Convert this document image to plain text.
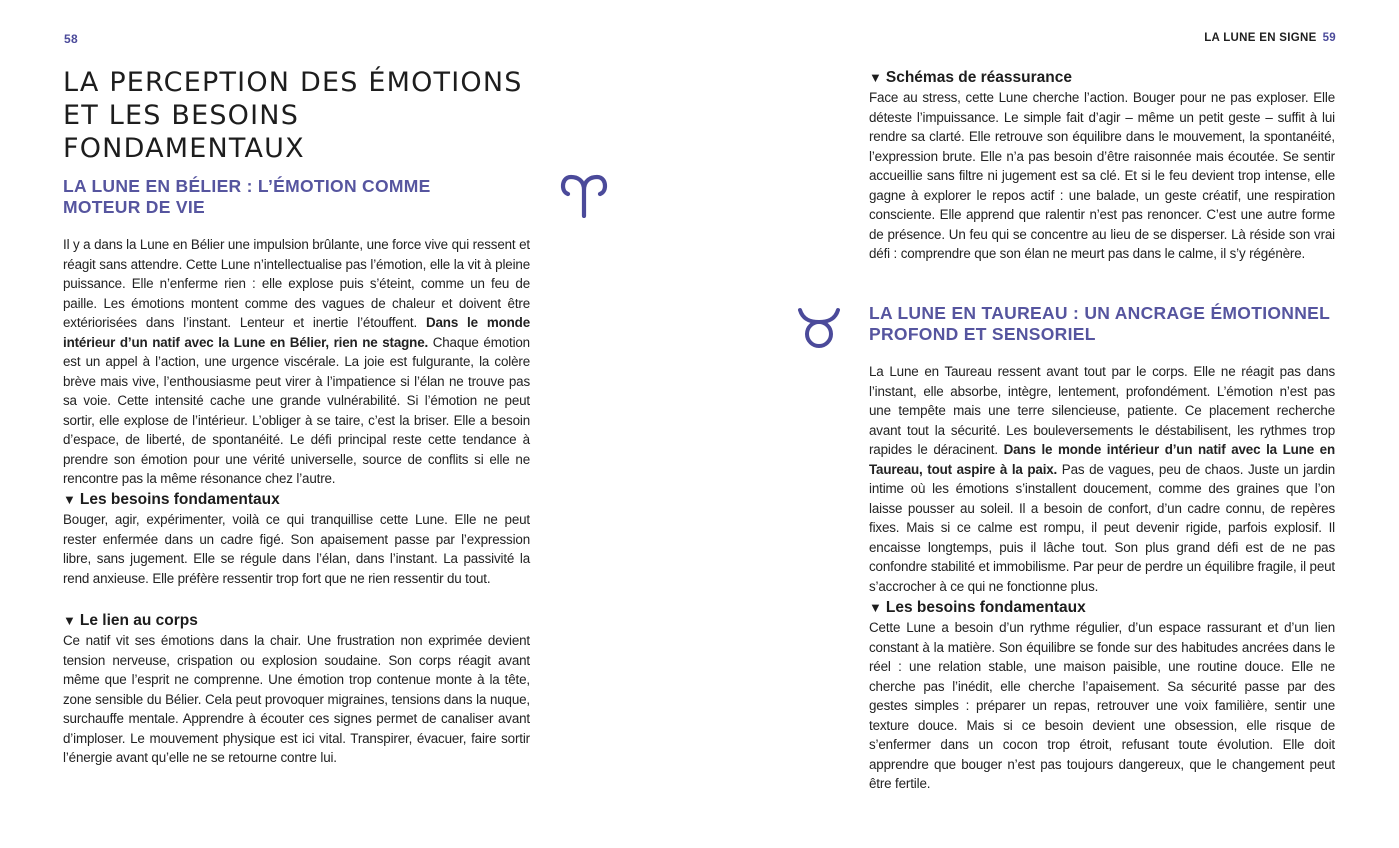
58
LA PERCEPTION DES ÉMOTIONS
ET LES BESOINS FONDAMENTAUX
LA LUNE EN BÉLIER : L’ÉMOTION COMME
MOTEUR DE VIE

Il y a dans la Lune en Bélier une impulsion brûlante, une force vive qui ressent et réagit sans attendre. Cette Lune n’intellectualise pas l’émotion, elle la vit à pleine puissance. Elle n’enferme rien : elle explose puis s’éteint, comme un feu de paille. Les émotions montent comme des vagues de chaleur et doivent être extériorisées dans l’instant. Lenteur et inertie l’étouffent. Dans le monde intérieur d’un natif avec la Lune en Bélier, rien ne stagne. Chaque émotion est un appel à l’action, une urgence viscérale. La joie est fulgurante, la colère brève mais vive, l’enthousiasme peut virer à l’impatience si l’élan ne trouve pas sa voie. Cette intensité cache une grande vulnérabilité. Si l’émotion ne peut sortir, elle explose de l’intérieur. L’obliger à se taire, c’est la briser. Elle a besoin d’espace, de liberté, de spontanéité. Le défi principal reste cette tendance à prendre son émotion pour une vérité universelle, source de conflits si elle ne rencontre pas la même résonance chez l’autre.

▼ Les besoins fondamentaux

Bouger, agir, expérimenter, voilà ce qui tranquillise cette Lune. Elle ne peut rester enfermée dans un cadre figé. Son apaisement passe par l’expression libre, sans jugement. Elle se régule dans l’élan, dans l’instant. La passivité la rend anxieuse. Elle préfère ressentir trop fort que ne rien ressentir du tout.

▼ Le lien au corps

Ce natif vit ses émotions dans la chair. Une frustration non exprimée devient tension nerveuse, crispation ou explosion soudaine. Son corps réagit avant même que l’esprit ne comprenne. Une émotion trop contenue monte à la tête, zone sensible du Bélier. Cela peut provoquer migraines, tensions dans la nuque, surchauffe mentale. Apprendre à écouter ces signes permet de canaliser avant d’imploser. Le mouvement physique est ici vital. Transpirer, évacuer, faire sortir l’énergie avant qu’elle ne se retourne contre lui.

LA LUNE EN SIGNE 59

▼ Schémas de réassurance

Face au stress, cette Lune cherche l’action. Bouger pour ne pas exploser. Elle déteste l’impuissance. Le simple fait d’agir – même un petit geste – suffit à lui rendre sa clarté. Elle retrouve son équilibre dans le mouvement, la spontanéité, l’expression brute. Elle n’a pas besoin d’être raisonnée mais écoutée. Se sentir accueillie sans filtre ni jugement est sa clé. Et si le feu devient trop intense, elle gagne à explorer le repos actif : une balade, un geste créatif, une respiration consciente. Elle apprend que ralentir n’est pas renoncer. C’est une autre forme de présence. Un feu qui se concentre au lieu de se disperser. Là réside son vrai défi : comprendre que son élan ne meurt pas dans le calme, il s’y régénère.

LA LUNE EN TAUREAU : UN ANCRAGE ÉMOTIONNEL
PROFOND ET SENSORIEL

La Lune en Taureau ressent avant tout par le corps. Elle ne réagit pas dans l’instant, elle absorbe, intègre, lentement, profondément. L’émotion n’est pas une tempête mais une terre silencieuse, patiente. Ce placement recherche avant tout la sécurité. Les bouleversements le déstabilisent, les rythmes trop rapides le déracinent. Dans le monde intérieur d’un natif avec la Lune en Taureau, tout aspire à la paix. Pas de vagues, peu de chaos. Juste un jardin intime où les émotions s’installent doucement, comme des graines que l’on laisse pousser au soleil. Il a besoin de confort, d’un cadre connu, de repères fixes. Mais si ce calme est rompu, il peut devenir rigide, parfois explosif. Il encaisse longtemps, puis il lâche tout. Son plus grand défi est de ne pas confondre stabilité et immobilisme. Par peur de perdre un équilibre fragile, il peut s’accrocher à ce qui ne fonctionne plus.

▼ Les besoins fondamentaux

Cette Lune a besoin d’un rythme régulier, d’un espace rassurant et d’un lien constant à la matière. Son équilibre se fonde sur des habitudes ancrées dans le réel : une relation stable, une maison paisible, une routine douce. Elle ne cherche pas l’inédit, elle cherche l’apaisement. Sa sécurité passe par des gestes simples : préparer un repas, retrouver une voix familière, sentir une texture douce. Mais si ce besoin devient une obsession, elle risque de s’enfermer dans un cocon trop étroit, refusant toute évolution. Elle doit apprendre que bouger n’est pas toujours dangereux, que le changement peut être fertile.
